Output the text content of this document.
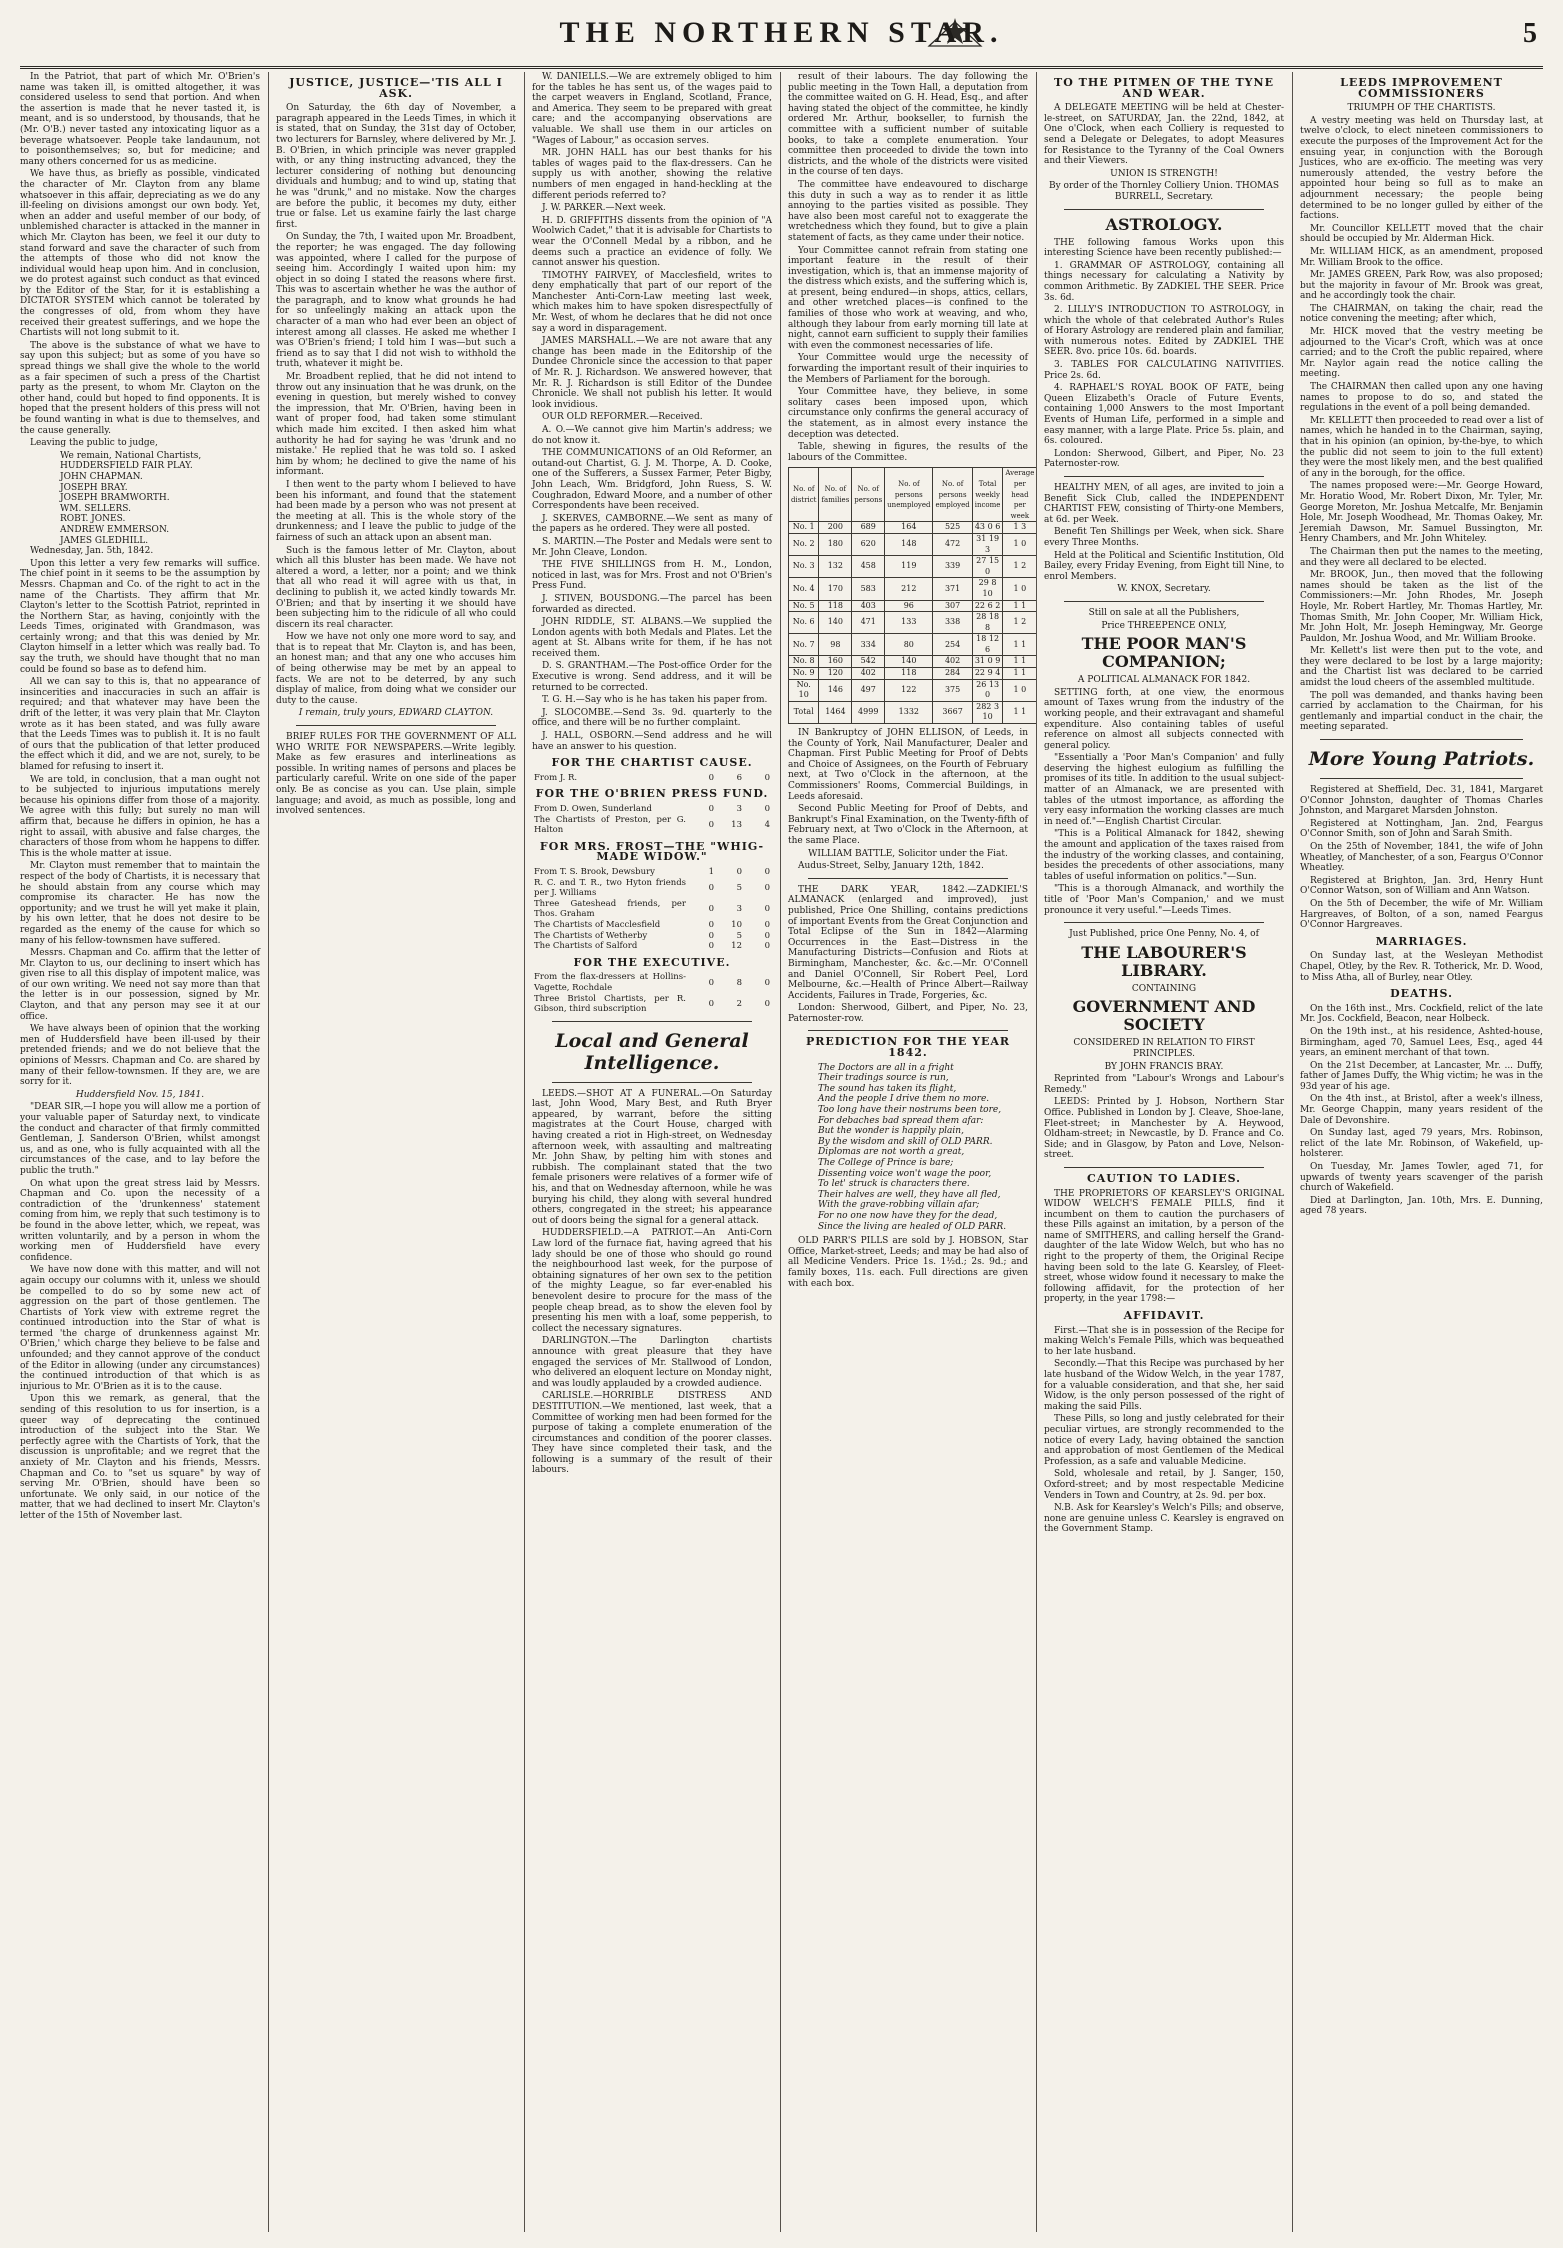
THE NORTHERN STAR.	5

In the Patriot, that part of which Mr. O'Brien's name was taken ill, is omitted altogether, it was considered useless to send that portion. And when the assertion is made that he never tasted it, is meant, and is so understood, by thousands, that he (Mr. O'B.) never tasted any intoxicating liquor as a beverage whatsoever. People take landaunum, not to poisonthemselves; so, but for medicine; and many others concerned for us as medicine.

We have thus, as briefly as possible, vindicated the character of Mr. Clayton from any blame whatsoever in this affair, depreciating as we do any ill-feeling on divisions amongst our own body. Yet, when an adder and useful member of our body, of unblemished character is attacked in the manner in which Mr. Clayton has been, we feel it our duty to stand forward and save the character of such from the attempts of those who did not know the individual would heap upon him. And in conclusion, we do protest against such conduct as that evinced by the Editor of the Star, for it is establishing a DICTATOR SYSTEM which cannot be tolerated by the congresses of old, from whom they have received their greatest sufferings, and we hope the Chartists will not long submit to it.

The above is the substance of what we have to say upon this subject; but as some of you have so spread things we shall give the whole to the world as a fair specimen of such a press of the Chartist party as the present, to whom Mr. Clayton on the other hand, could but hoped to find opponents. It is hoped that the present holders of this press will not be found wanting in what is due to themselves, and the cause generally.

Leaving the public to judge,

We remain, National Chartists,

HUDDERSFIELD FAIR PLAY.

JOHN CHAPMAN.

JOSEPH BRAY.

JOSEPH BRAMWORTH.

WM. SELLERS.

ROBT. JONES.

ANDREW EMMERSON.

JAMES GLEDHILL.

Wednesday, Jan. 5th, 1842.

Upon this letter a very few remarks will suffice. The chief point in it seems to be the assumption by Messrs. Chapman and Co. of the right to act in the name of the Chartists. They affirm that Mr. Clayton's letter to the Scottish Patriot, reprinted in the Northern Star, as having, conjointly with the Leeds Times, originated with Grandmason, was certainly wrong; and that this was denied by Mr. Clayton himself in a letter which was really bad. To say the truth, we should have thought that no man could be found so base as to defend him.

All we can say to this is, that no appearance of insincerities and inaccuracies in such an affair is required; and that whatever may have been the drift of the letter, it was very plain that Mr. Clayton wrote as it has been stated, and was fully aware that the Leeds Times was to publish it. It is no fault of ours that the publication of that letter produced the effect which it did, and we are not, surely, to be blamed for refusing to insert it.

We are told, in conclusion, that a man ought not to be subjected to injurious imputations merely because his opinions differ from those of a majority. We agree with this fully; but surely no man will affirm that, because he differs in opinion, he has a right to assail, with abusive and false charges, the characters of those from whom he happens to differ. This is the whole matter at issue.

Mr. Clayton must remember that to maintain the respect of the body of Chartists, it is necessary that he should abstain from any course which may compromise its character. He has now the opportunity; and we trust he will yet make it plain, by his own letter, that he does not desire to be regarded as the enemy of the cause for which so many of his fellow-townsmen have suffered.

Messrs. Chapman and Co. affirm that the letter of Mr. Clayton to us, our declining to insert which has given rise to all this display of impotent malice, was of our own writing. We need not say more than that the letter is in our possession, signed by Mr. Clayton, and that any person may see it at our office.

We have always been of opinion that the working men of Huddersfield have been ill-used by their pretended friends; and we do not believe that the opinions of Messrs. Chapman and Co. are shared by many of their fellow-townsmen. If they are, we are sorry for it.

Huddersfield Nov. 15, 1841.

"DEAR SIR,—I hope you will allow me a portion of your valuable paper of Saturday next, to vindicate the conduct and character of that firmly committed Gentleman, J. Sanderson O'Brien, whilst amongst us, and as one, who is fully acquainted with all the circumstances of the case, and to lay before the public the truth."

On what upon the great stress laid by Messrs. Chapman and Co. upon the necessity of a contradiction of the 'drunkenness' statement coming from him, we reply that such testimony is to be found in the above letter, which, we repeat, was written voluntarily, and by a person in whom the working men of Huddersfield have every confidence.

We have now done with this matter, and will not again occupy our columns with it, unless we should be compelled to do so by some new act of aggression on the part of those gentlemen. The Chartists of York view with extreme regret the continued introduction into the Star of what is termed 'the charge of drunkenness against Mr. O'Brien,' which charge they believe to be false and unfounded; and they cannot approve of the conduct of the Editor in allowing (under any circumstances) the continued introduction of that which is as injurious to Mr. O'Brien as it is to the cause.

Upon this we remark, as general, that the sending of this resolution to us for insertion, is a queer way of deprecating the continued introduction of the subject into the Star. We perfectly agree with the Chartists of York, that the discussion is unprofitable; and we regret that the anxiety of Mr. Clayton and his friends, Messrs. Chapman and Co. to "set us square" by way of serving Mr. O'Brien, should have been so unfortunate. We only said, in our notice of the matter, that we had declined to insert Mr. Clayton's letter of the 15th of November last.

JUSTICE, JUSTICE—'TIS ALL I ASK.

On Saturday, the 6th day of November, a paragraph appeared in the Leeds Times, in which it is stated, that on Sunday, the 31st day of October, two lecturers for Barnsley, where delivered by Mr. J. B. O'Brien, in which principle was never grappled with, or any thing instructing advanced, they the lecturer considering of nothing but denouncing dividuals and humbug; and to wind up, stating that he was "drunk," and no mistake. Now the charges are before the public, it becomes my duty, either true or false. Let us examine fairly the last charge first.

On Sunday, the 7th, I waited upon Mr. Broadbent, the reporter; he was engaged. The day following was appointed, where I called for the purpose of seeing him. Accordingly I waited upon him: my object in so doing I stated the reasons where first. This was to ascertain whether he was the author of the paragraph, and to know what grounds he had for so unfeelingly making an attack upon the character of a man who had ever been an object of interest among all classes. He asked me whether I was O'Brien's friend; I told him I was—but such a friend as to say that I did not wish to withhold the truth, whatever it might be.

Mr. Broadbent replied, that he did not intend to throw out any insinuation that he was drunk, on the evening in question, but merely wished to convey the impression, that Mr. O'Brien, having been in want of proper food, had taken some stimulant which made him excited. I then asked him what authority he had for saying he was 'drunk and no mistake.' He replied that he was told so. I asked him by whom; he declined to give the name of his informant.

I then went to the party whom I believed to have been his informant, and found that the statement had been made by a person who was not present at the meeting at all. This is the whole story of the drunkenness; and I leave the public to judge of the fairness of such an attack upon an absent man.

Such is the famous letter of Mr. Clayton, about which all this bluster has been made. We have not altered a word, a letter, nor a point; and we think that all who read it will agree with us that, in declining to publish it, we acted kindly towards Mr. O'Brien; and that by inserting it we should have been subjecting him to the ridicule of all who could discern its real character.

How we have not only one more word to say, and that is to repeat that Mr. Clayton is, and has been, an honest man; and that any one who accuses him of being otherwise may be met by an appeal to facts. We are not to be deterred, by any such display of malice, from doing what we consider our duty to the cause.

I remain, truly yours, EDWARD CLAYTON.

BRIEF RULES FOR THE GOVERNMENT OF ALL WHO WRITE FOR NEWSPAPERS.—Write legibly. Make as few erasures and interlineations as possible. In writing names of persons and places be particularly careful. Write on one side of the paper only. Be as concise as you can. Use plain, simple language; and avoid, as much as possible, long and involved sentences.

W. DANIELLS.—We are extremely obliged to him for the tables he has sent us, of the wages paid to the carpet weavers in England, Scotland, France, and America. They seem to be prepared with great care; and the accompanying observations are valuable. We shall use them in our articles on "Wages of Labour," as occasion serves.

MR. JOHN HALL has our best thanks for his tables of wages paid to the flax-dressers. Can he supply us with another, showing the relative numbers of men engaged in hand-heckling at the different periods referred to?

J. W. PARKER.—Next week.

H. D. GRIFFITHS dissents from the opinion of "A Woolwich Cadet," that it is advisable for Chartists to wear the O'Connell Medal by a ribbon, and he deems such a practice an evidence of folly. We cannot answer his question.

TIMOTHY FAIRVEY, of Macclesfield, writes to deny emphatically that part of our report of the Manchester Anti-Corn-Law meeting last week, which makes him to have spoken disrespectfully of Mr. West, of whom he declares that he did not once say a word in disparagement.

JAMES MARSHALL.—We are not aware that any change has been made in the Editorship of the Dundee Chronicle since the accession to that paper of Mr. R. J. Richardson. We answered however, that Mr. R. J. Richardson is still Editor of the Dundee Chronicle. We shall not publish his letter. It would look invidious.

OUR OLD REFORMER.—Received.

A. O.—We cannot give him Martin's address; we do not know it.

THE COMMUNICATIONS of an Old Reformer, an outand-out Chartist, G. J. M. Thorpe, A. D. Cooke, one of the Sufferers, a Sussex Farmer, Peter Bigby, John Leach, Wm. Bridgford, John Ruess, S. W. Coughradon, Edward Moore, and a number of other Correspondents have been received.

J. SKERVES, CAMBORNE.—We sent as many of the papers as he ordered. They were all posted.

S. MARTIN.—The Poster and Medals were sent to Mr. John Cleave, London.

THE FIVE SHILLINGS from H. M., London, noticed in last, was for Mrs. Frost and not O'Brien's Press Fund.

J. STIVEN, BOUSDONG.—The parcel has been forwarded as directed.

JOHN RIDDLE, ST. ALBANS.—We supplied the London agents with both Medals and Plates. Let the agent at St. Albans write for them, if he has not received them.

D. S. GRANTHAM.—The Post-office Order for the Executive is wrong. Send address, and it will be returned to be corrected.

T. G. H.—Say who is he has taken his paper from.

J. SLOCOMBE.—Send 3s. 9d. quarterly to the office, and there will be no further complaint.

J. HALL, OSBORN.—Send address and he will have an answer to his question.

FOR THE CHARTIST CAUSE.
From J. R.	0	6	0
FOR THE O'BRIEN PRESS FUND.
From D. Owen, Sunderland	0	3	0
The Chartists of Preston, per G. Halton	0	13	4
FOR MRS. FROST—THE "WHIG-MADE WIDOW."
From T. S. Brook, Dewsbury	1	0	0
R. C. and T. R., two Hyton friends per J. Williams	0	5	0
Three Gateshead friends, per Thos. Graham	0	3	0
The Chartists of Macclesfield	0	10	0
The Chartists of Wetherby	0	5	0
The Chartists of Salford	0	12	0
FOR THE EXECUTIVE.
From the flax-dressers at Hollins-Vagette, Rochdale	0	8	0
Three Bristol Chartists, per R. Gibson, third subscription	0	2	0
Local and General Intelligence.

LEEDS.—SHOT AT A FUNERAL.—On Saturday last, John Wood, Mary Best, and Ruth Bryer appeared, by warrant, before the sitting magistrates at the Court House, charged with having created a riot in High-street, on Wednesday afternoon week, with assaulting and maltreating Mr. John Shaw, by pelting him with stones and rubbish. The complainant stated that the two female prisoners were relatives of a former wife of his, and that on Wednesday afternoon, while he was burying his child, they along with several hundred others, congregated in the street; his appearance out of doors being the signal for a general attack.

HUDDERSFIELD.—A PATRIOT.—An Anti-Corn Law lord of the furnace fiat, having agreed that his lady should be one of those who should go round the neighbourhood last week, for the purpose of obtaining signatures of her own sex to the petition of the mighty League, so far ever-enabled his benevolent desire to procure for the mass of the people cheap bread, as to show the eleven fool by presenting his men with a loaf, some pepperish, to collect the necessary signatures.

DARLINGTON.—The Darlington chartists announce with great pleasure that they have engaged the services of Mr. Stallwood of London, who delivered an eloquent lecture on Monday night, and was loudly applauded by a crowded audience.

CARLISLE.—HORRIBLE DISTRESS AND DESTITUTION.—We mentioned, last week, that a Committee of working men had been formed for the purpose of taking a complete enumeration of the circumstances and condition of the poorer classes. They have since completed their task, and the following is a summary of the result of their labours.

result of their labours. The day following the public meeting in the Town Hall, a deputation from the committee waited on G. H. Head, Esq., and after having stated the object of the committee, he kindly ordered Mr. Arthur, bookseller, to furnish the committee with a sufficient number of suitable books, to take a complete enumeration. Your committee then proceeded to divide the town into districts, and the whole of the districts were visited in the course of ten days.

The committee have endeavoured to discharge this duty in such a way as to render it as little annoying to the parties visited as possible. They have also been most careful not to exaggerate the wretchedness which they found, but to give a plain statement of facts, as they came under their notice.

Your Committee cannot refrain from stating one important feature in the result of their investigation, which is, that an immense majority of the distress which exists, and the suffering which is, at present, being endured—in shops, attics, cellars, and other wretched places—is confined to the families of those who work at weaving, and who, although they labour from early morning till late at night, cannot earn sufficient to supply their families with even the commonest necessaries of life.

Your Committee would urge the necessity of forwarding the important result of their inquiries to the Members of Parliament for the borough.

Your Committee have, they believe, in some solitary cases been imposed upon, which circumstance only confirms the general accuracy of the statement, as in almost every instance the deception was detected.

Table, shewing in figures, the results of the labours of the Committee.

No. of district	No. of families	No. of persons	No. of persons unemployed	No. of persons employed	Total weekly income	Average per head per week
No. 1	200	689	164	525	43 0 6	1 3
No. 2	180	620	148	472	31 19 3	1 0
No. 3	132	458	119	339	27 15 0	1 2
No. 4	170	583	212	371	29 8 10	1 0
No. 5	118	403	96	307	22 6 2	1 1
No. 6	140	471	133	338	28 18 8	1 2
No. 7	98	334	80	254	18 12 6	1 1
No. 8	160	542	140	402	31 0 9	1 1
No. 9	120	402	118	284	22 9 4	1 1
No. 10	146	497	122	375	26 13 0	1 0
Total	1464	4999	1332	3667	282 3 10	1 1

IN Bankruptcy of JOHN ELLISON, of Leeds, in the County of York, Nail Manufacturer, Dealer and Chapman. First Public Meeting for Proof of Debts and Choice of Assignees, on the Fourth of February next, at Two o'Clock in the afternoon, at the Commissioners' Rooms, Commercial Buildings, in Leeds aforesaid.

Second Public Meeting for Proof of Debts, and Bankrupt's Final Examination, on the Twenty-fifth of February next, at Two o'Clock in the Afternoon, at the same Place.

WILLIAM BATTLE, Solicitor under the Fiat.

Audus-Street, Selby, January 12th, 1842.

THE DARK YEAR, 1842.—ZADKIEL'S ALMANACK (enlarged and improved), just published, Price One Shilling, contains predictions of important Events from the Great Conjunction and Total Eclipse of the Sun in 1842—Alarming Occurrences in the East—Distress in the Manufacturing Districts—Confusion and Riots at Birmingham, Manchester, &c. &c.—Mr. O'Connell and Daniel O'Connell, Sir Robert Peel, Lord Melbourne, &c.—Health of Prince Albert—Railway Accidents, Failures in Trade, Forgeries, &c.

London: Sherwood, Gilbert, and Piper, No. 23, Paternoster-row.

PREDICTION FOR THE YEAR 1842.
The Doctors are all in a fright
Their tradings source is run,
The sound has taken its flight,
And the people I drive them no more.
Too long have their nostrums been tore,
For debaches bad spread them afar:
But the wonder is happily plain,
By the wisdom and skill of OLD PARR.
Diplomas are not worth a great,
The College of Prince is bare;
Dissenting voice won't wage the poor,
To let' struck is characters there.
Their halves are well, they have all fled,
With the grave-robbing villain afar;
For no one now have they for the dead,
Since the living are healed of OLD PARR.

OLD PARR'S PILLS are sold by J. HOBSON, Star Office, Market-street, Leeds; and may be had also of all Medicine Venders. Price 1s. 1½d.; 2s. 9d.; and family boxes, 11s. each. Full directions are given with each box.

TO THE PITMEN OF THE TYNE AND WEAR.

A DELEGATE MEETING will be held at Chester-le-street, on SATURDAY, Jan. the 22nd, 1842, at One o'Clock, when each Colliery is requested to send a Delegate or Delegates, to adopt Measures for Resistance to the Tyranny of the Coal Owners and their Viewers.

UNION IS STRENGTH!

By order of the Thornley Colliery Union. THOMAS BURRELL, Secretary.

ASTROLOGY.

THE following famous Works upon this interesting Science have been recently published:—

1. GRAMMAR OF ASTROLOGY, containing all things necessary for calculating a Nativity by common Arithmetic. By ZADKIEL THE SEER. Price 3s. 6d.

2. LILLY'S INTRODUCTION TO ASTROLOGY, in which the whole of that celebrated Author's Rules of Horary Astrology are rendered plain and familiar, with numerous notes. Edited by ZADKIEL THE SEER. 8vo. price 10s. 6d. boards.

3. TABLES FOR CALCULATING NATIVITIES. Price 2s. 6d.

4. RAPHAEL'S ROYAL BOOK OF FATE, being Queen Elizabeth's Oracle of Future Events, containing 1,000 Answers to the most Important Events of Human Life, performed in a simple and easy manner, with a large Plate. Price 5s. plain, and 6s. coloured.

London: Sherwood, Gilbert, and Piper, No. 23 Paternoster-row.

HEALTHY MEN, of all ages, are invited to join a Benefit Sick Club, called the INDEPENDENT CHARTIST FEW, consisting of Thirty-one Members, at 6d. per Week.

Benefit Ten Shillings per Week, when sick. Share every Three Months.

Held at the Political and Scientific Institution, Old Bailey, every Friday Evening, from Eight till Nine, to enrol Members.

W. KNOX, Secretary.

Still on sale at all the Publishers,

Price THREEPENCE ONLY,

THE POOR MAN'S COMPANION;

A POLITICAL ALMANACK FOR 1842.

SETTING forth, at one view, the enormous amount of Taxes wrung from the industry of the working people, and their extravagant and shameful expenditure. Also containing tables of useful reference on almost all subjects connected with general policy.

"Essentially a 'Poor Man's Companion' and fully deserving the highest eulogium as fulfilling the promises of its title. In addition to the usual subject-matter of an Almanack, we are presented with tables of the utmost importance, as affording the very easy information the working classes are much in need of."—English Chartist Circular.

"This is a Political Almanack for 1842, shewing the amount and application of the taxes raised from the industry of the working classes, and containing, besides the precedents of other associations, many tables of useful information on politics."—Sun.

"This is a thorough Almanack, and worthily the title of 'Poor Man's Companion,' and we must pronounce it very useful."—Leeds Times.

Just Published, price One Penny, No. 4, of

THE LABOURER'S LIBRARY.

CONTAINING

GOVERNMENT AND SOCIETY

CONSIDERED IN RELATION TO FIRST PRINCIPLES.

BY JOHN FRANCIS BRAY.

Reprinted from "Labour's Wrongs and Labour's Remedy."

LEEDS: Printed by J. Hobson, Northern Star Office. Published in London by J. Cleave, Shoe-lane, Fleet-street; in Manchester by A. Heywood, Oldham-street; in Newcastle, by D. France and Co. Side; and in Glasgow, by Paton and Love, Nelson-street.

CAUTION TO LADIES.

THE PROPRIETORS OF KEARSLEY'S ORIGINAL WIDOW WELCH'S FEMALE PILLS, find it incumbent on them to caution the purchasers of these Pills against an imitation, by a person of the name of SMITHERS, and calling herself the Grand-daughter of the late Widow Welch, but who has no right to the property of them, the Original Recipe having been sold to the late G. Kearsley, of Fleet-street, whose widow found it necessary to make the following affidavit, for the protection of her property, in the year 1798:—

AFFIDAVIT.

First.—That she is in possession of the Recipe for making Welch's Female Pills, which was bequeathed to her late husband.

Secondly.—That this Recipe was purchased by her late husband of the Widow Welch, in the year 1787, for a valuable consideration, and that she, her said Widow, is the only person possessed of the right of making the said Pills.

These Pills, so long and justly celebrated for their peculiar virtues, are strongly recommended to the notice of every Lady, having obtained the sanction and approbation of most Gentlemen of the Medical Profession, as a safe and valuable Medicine.

Sold, wholesale and retail, by J. Sanger, 150, Oxford-street; and by most respectable Medicine Venders in Town and Country, at 2s. 9d. per box.

N.B. Ask for Kearsley's Welch's Pills; and observe, none are genuine unless C. Kearsley is engraved on the Government Stamp.

LEEDS IMPROVEMENT COMMISSIONERS

TRIUMPH OF THE CHARTISTS.

A vestry meeting was held on Thursday last, at twelve o'clock, to elect nineteen commissioners to execute the purposes of the Improvement Act for the ensuing year, in conjunction with the Borough Justices, who are ex-officio. The meeting was very numerously attended, the vestry before the appointed hour being so full as to make an adjournment necessary; the people being determined to be no longer gulled by either of the factions.

Mr. Councillor KELLETT moved that the chair should be occupied by Mr. Alderman Hick.

Mr. WILLIAM HICK, as an amendment, proposed Mr. William Brook to the office.

Mr. JAMES GREEN, Park Row, was also proposed; but the majority in favour of Mr. Brook was great, and he accordingly took the chair.

The CHAIRMAN, on taking the chair, read the notice convening the meeting; after which,

Mr. HICK moved that the vestry meeting be adjourned to the Vicar's Croft, which was at once carried; and to the Croft the public repaired, where Mr. Naylor again read the notice calling the meeting.

The CHAIRMAN then called upon any one having names to propose to do so, and stated the regulations in the event of a poll being demanded.

Mr. KELLETT then proceeded to read over a list of names, which he handed in to the Chairman, saying, that in his opinion (an opinion, by-the-bye, to which the public did not seem to join to the full extent) they were the most likely men, and the best qualified of any in the borough, for the office.

The names proposed were:—Mr. George Howard, Mr. Horatio Wood, Mr. Robert Dixon, Mr. Tyler, Mr. George Moreton, Mr. Joshua Metcalfe, Mr. Benjamin Hole, Mr. Joseph Woodhead, Mr. Thomas Oakey, Mr. Jeremiah Dawson, Mr. Samuel Bussington, Mr. Henry Chambers, and Mr. John Whiteley.

The Chairman then put the names to the meeting, and they were all declared to be elected.

Mr. BROOK, Jun., then moved that the following names should be taken as the list of the Commissioners:—Mr. John Rhodes, Mr. Joseph Hoyle, Mr. Robert Hartley, Mr. Thomas Hartley, Mr. Thomas Smith, Mr. John Cooper, Mr. William Hick, Mr. John Holt, Mr. Joseph Hemingway, Mr. George Pauldon, Mr. Joshua Wood, and Mr. William Brooke.

Mr. Kellett's list were then put to the vote, and they were declared to be lost by a large majority; and the Chartist list was declared to be carried amidst the loud cheers of the assembled multitude.

The poll was demanded, and thanks having been carried by acclamation to the Chairman, for his gentlemanly and impartial conduct in the chair, the meeting separated.

More Young Patriots.

Registered at Sheffield, Dec. 31, 1841, Margaret O'Connor Johnston, daughter of Thomas Charles Johnston, and Margaret Marsden Johnston.

Registered at Nottingham, Jan. 2nd, Feargus O'Connor Smith, son of John and Sarah Smith.

On the 25th of November, 1841, the wife of John Wheatley, of Manchester, of a son, Feargus O'Connor Wheatley.

Registered at Brighton, Jan. 3rd, Henry Hunt O'Connor Watson, son of William and Ann Watson.

On the 5th of December, the wife of Mr. William Hargreaves, of Bolton, of a son, named Feargus O'Connor Hargreaves.

MARRIAGES.

On Sunday last, at the Wesleyan Methodist Chapel, Otley, by the Rev. R. Totherick, Mr. D. Wood, to Miss Atha, all of Burley, near Otley.

DEATHS.

On the 16th inst., Mrs. Cockfield, relict of the late Mr. Jos. Cockfield, Beacon, near Holbeck.

On the 19th inst., at his residence, Ashted-house, Birmingham, aged 70, Samuel Lees, Esq., aged 44 years, an eminent merchant of that town.

On the 21st December, at Lancaster, Mr. ... Duffy, father of James Duffy, the Whig victim; he was in the 93d year of his age.

On the 4th inst., at Bristol, after a week's illness, Mr. George Chappin, many years resident of the Dale of Devonshire.

On Sunday last, aged 79 years, Mrs. Robinson, relict of the late Mr. Robinson, of Wakefield, up-holsterer.

On Tuesday, Mr. James Towler, aged 71, for upwards of twenty years scavenger of the parish church of Wakefield.

Died at Darlington, Jan. 10th, Mrs. E. Dunning, aged 78 years.
